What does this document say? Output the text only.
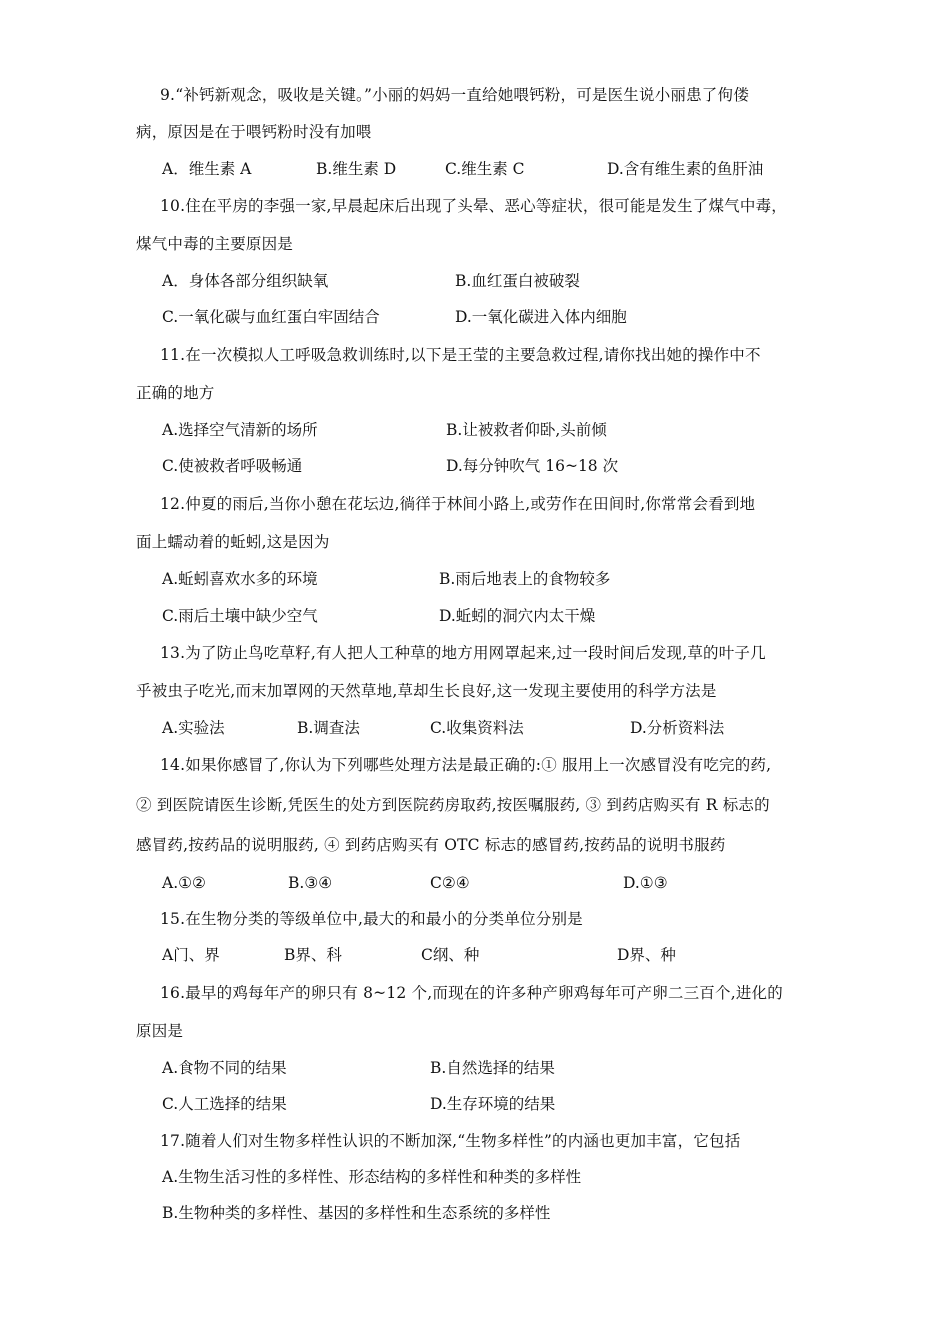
9.“补钙新观念，吸收是关键。”小丽的妈妈一直给她喂钙粉，可是医生说小丽患了佝偻
病，原因是在于喂钙粉时没有加喂
A．维生素 A	B.维生素 D	C.维生素 C	D.含有维生素的鱼肝油
10.住在平房的李强一家,早晨起床后出现了头晕、恶心等症状，很可能是发生了煤气中毒，
煤气中毒的主要原因是
A．身体各部分组织缺氧	B.血红蛋白被破裂
C.一氧化碳与血红蛋白牢固结合	D.一氧化碳进入体内细胞
11.在一次模拟人工呼吸急救训练时,以下是王莹的主要急救过程,请你找出她的操作中不
正确的地方
A.选择空气清新的场所	B.让被救者仰卧,头前倾
C.使被救者呼吸畅通	D.每分钟吹气 16~18 次
12.仲夏的雨后,当你小憩在花坛边,徜徉于林间小路上,或劳作在田间时,你常常会看到地
面上蠕动着的蚯蚓,这是因为
A.蚯蚓喜欢水多的环境	B.雨后地表上的食物较多
C.雨后土壤中缺少空气	D.蚯蚓的洞穴内太干燥
13.为了防止鸟吃草籽,有人把人工种草的地方用网罩起来,过一段时间后发现,草的叶子几
乎被虫子吃光,而末加罩网的天然草地,草却生长良好,这一发现主要使用的科学方法是
A.实验法	B.调查法	C.收集资料法	D.分析资料法
14.如果你感冒了,你认为下列哪些处理方法是最正确的:① 服用上一次感冒没有吃完的药,
② 到医院请医生诊断,凭医生的处方到医院药房取药,按医嘱服药, ③ 到药店购买有 R 标志的
感冒药,按药品的说明服药, ④ 到药店购买有 OTC 标志的感冒药,按药品的说明书服药
A.①②	B.③④	C②④	D.①③
15.在生物分类的等级单位中,最大的和最小的分类单位分别是
A门、界	B界、科	C纲、种	D界、种
16.最早的鸡每年产的卵只有 8~12 个,而现在的许多种产卵鸡每年可产卵二三百个,进化的
原因是
A.食物不同的结果	B.自然选择的结果
C.人工选择的结果	D.生存环境的结果
17.随着人们对生物多样性认识的不断加深,“生物多样性”的内涵也更加丰富，它包括
A.生物生活习性的多样性、形态结构的多样性和种类的多样性
B.生物种类的多样性、基因的多样性和生态系统的多样性
